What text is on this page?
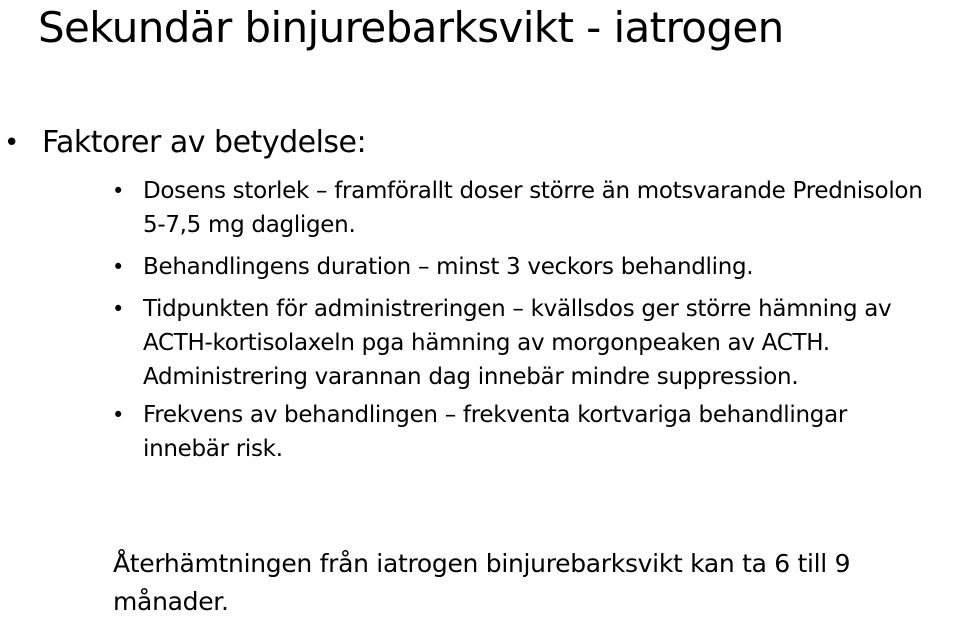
Sekundär binjurebarksvikt - iatrogen
• Faktorer av betydelse:
• Dosens storlek – framförallt doser större än motsvarande Prednisolon 5-7,5 mg dagligen.
• Behandlingens duration – minst 3 veckors behandling.
• Tidpunkten för administreringen – kvällsdos ger större hämning av ACTH-kortisolaxeln pga hämning av morgonpeaken av ACTH. Administrering varannan dag innebär mindre suppression.
• Frekvens av behandlingen – frekventa kortvariga behandlingar innebär risk.

Återhämtningen från iatrogen binjurebarksvikt kan ta 6 till 9 månader.
